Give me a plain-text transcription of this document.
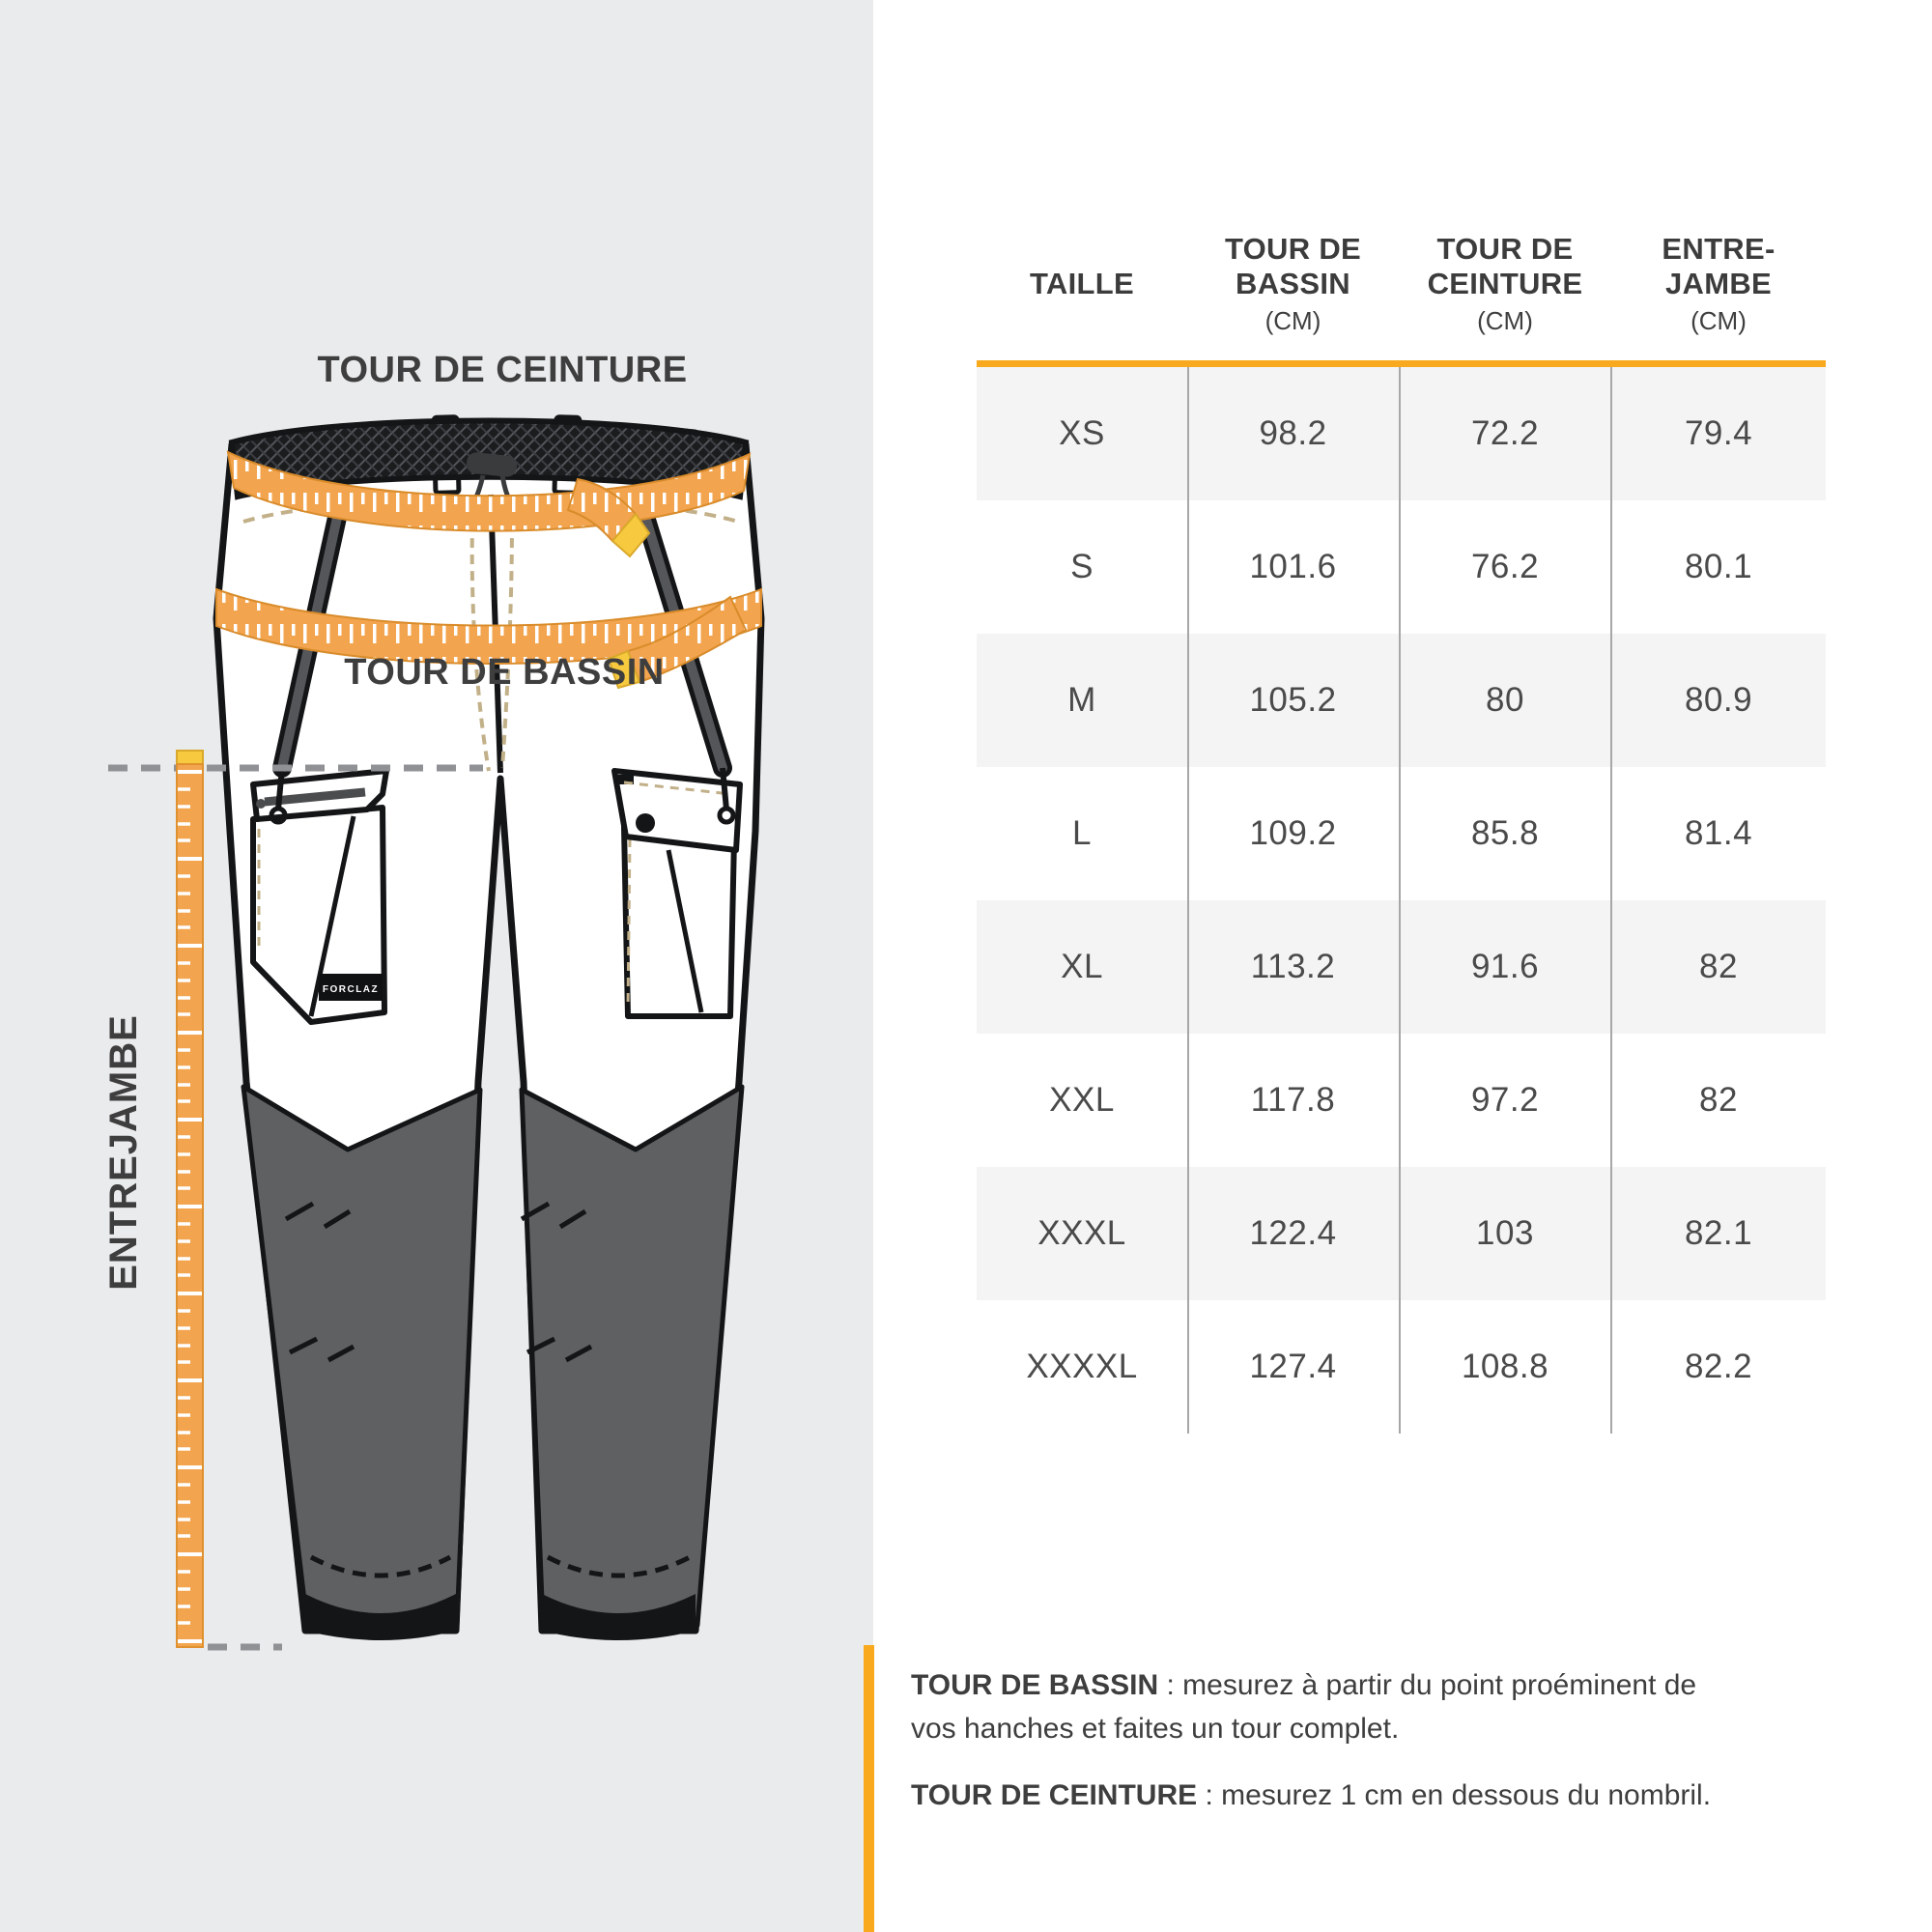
FORCLAZ
TOUR DE CEINTURE
TOUR DE BASSIN
ENTREJAMBE
TAILLE
TOUR DE BASSIN
(CM)
TOUR DE CEINTURE
(CM)
ENTRE-JAMBE
(CM)
XS	98.2	72.2	79.4
S	101.6	76.2	80.1
M	105.2	80	80.9
L	109.2	85.8	81.4
XL	113.2	91.6	82
XXL	117.8	97.2	82
XXXL	122.4	103	82.1
XXXXL	127.4	108.8	82.2

TOUR DE BASSIN : mesurez à partir du point proéminent de vos hanches et faites un tour complet.

TOUR DE CEINTURE : mesurez 1 cm en dessous du nombril.
